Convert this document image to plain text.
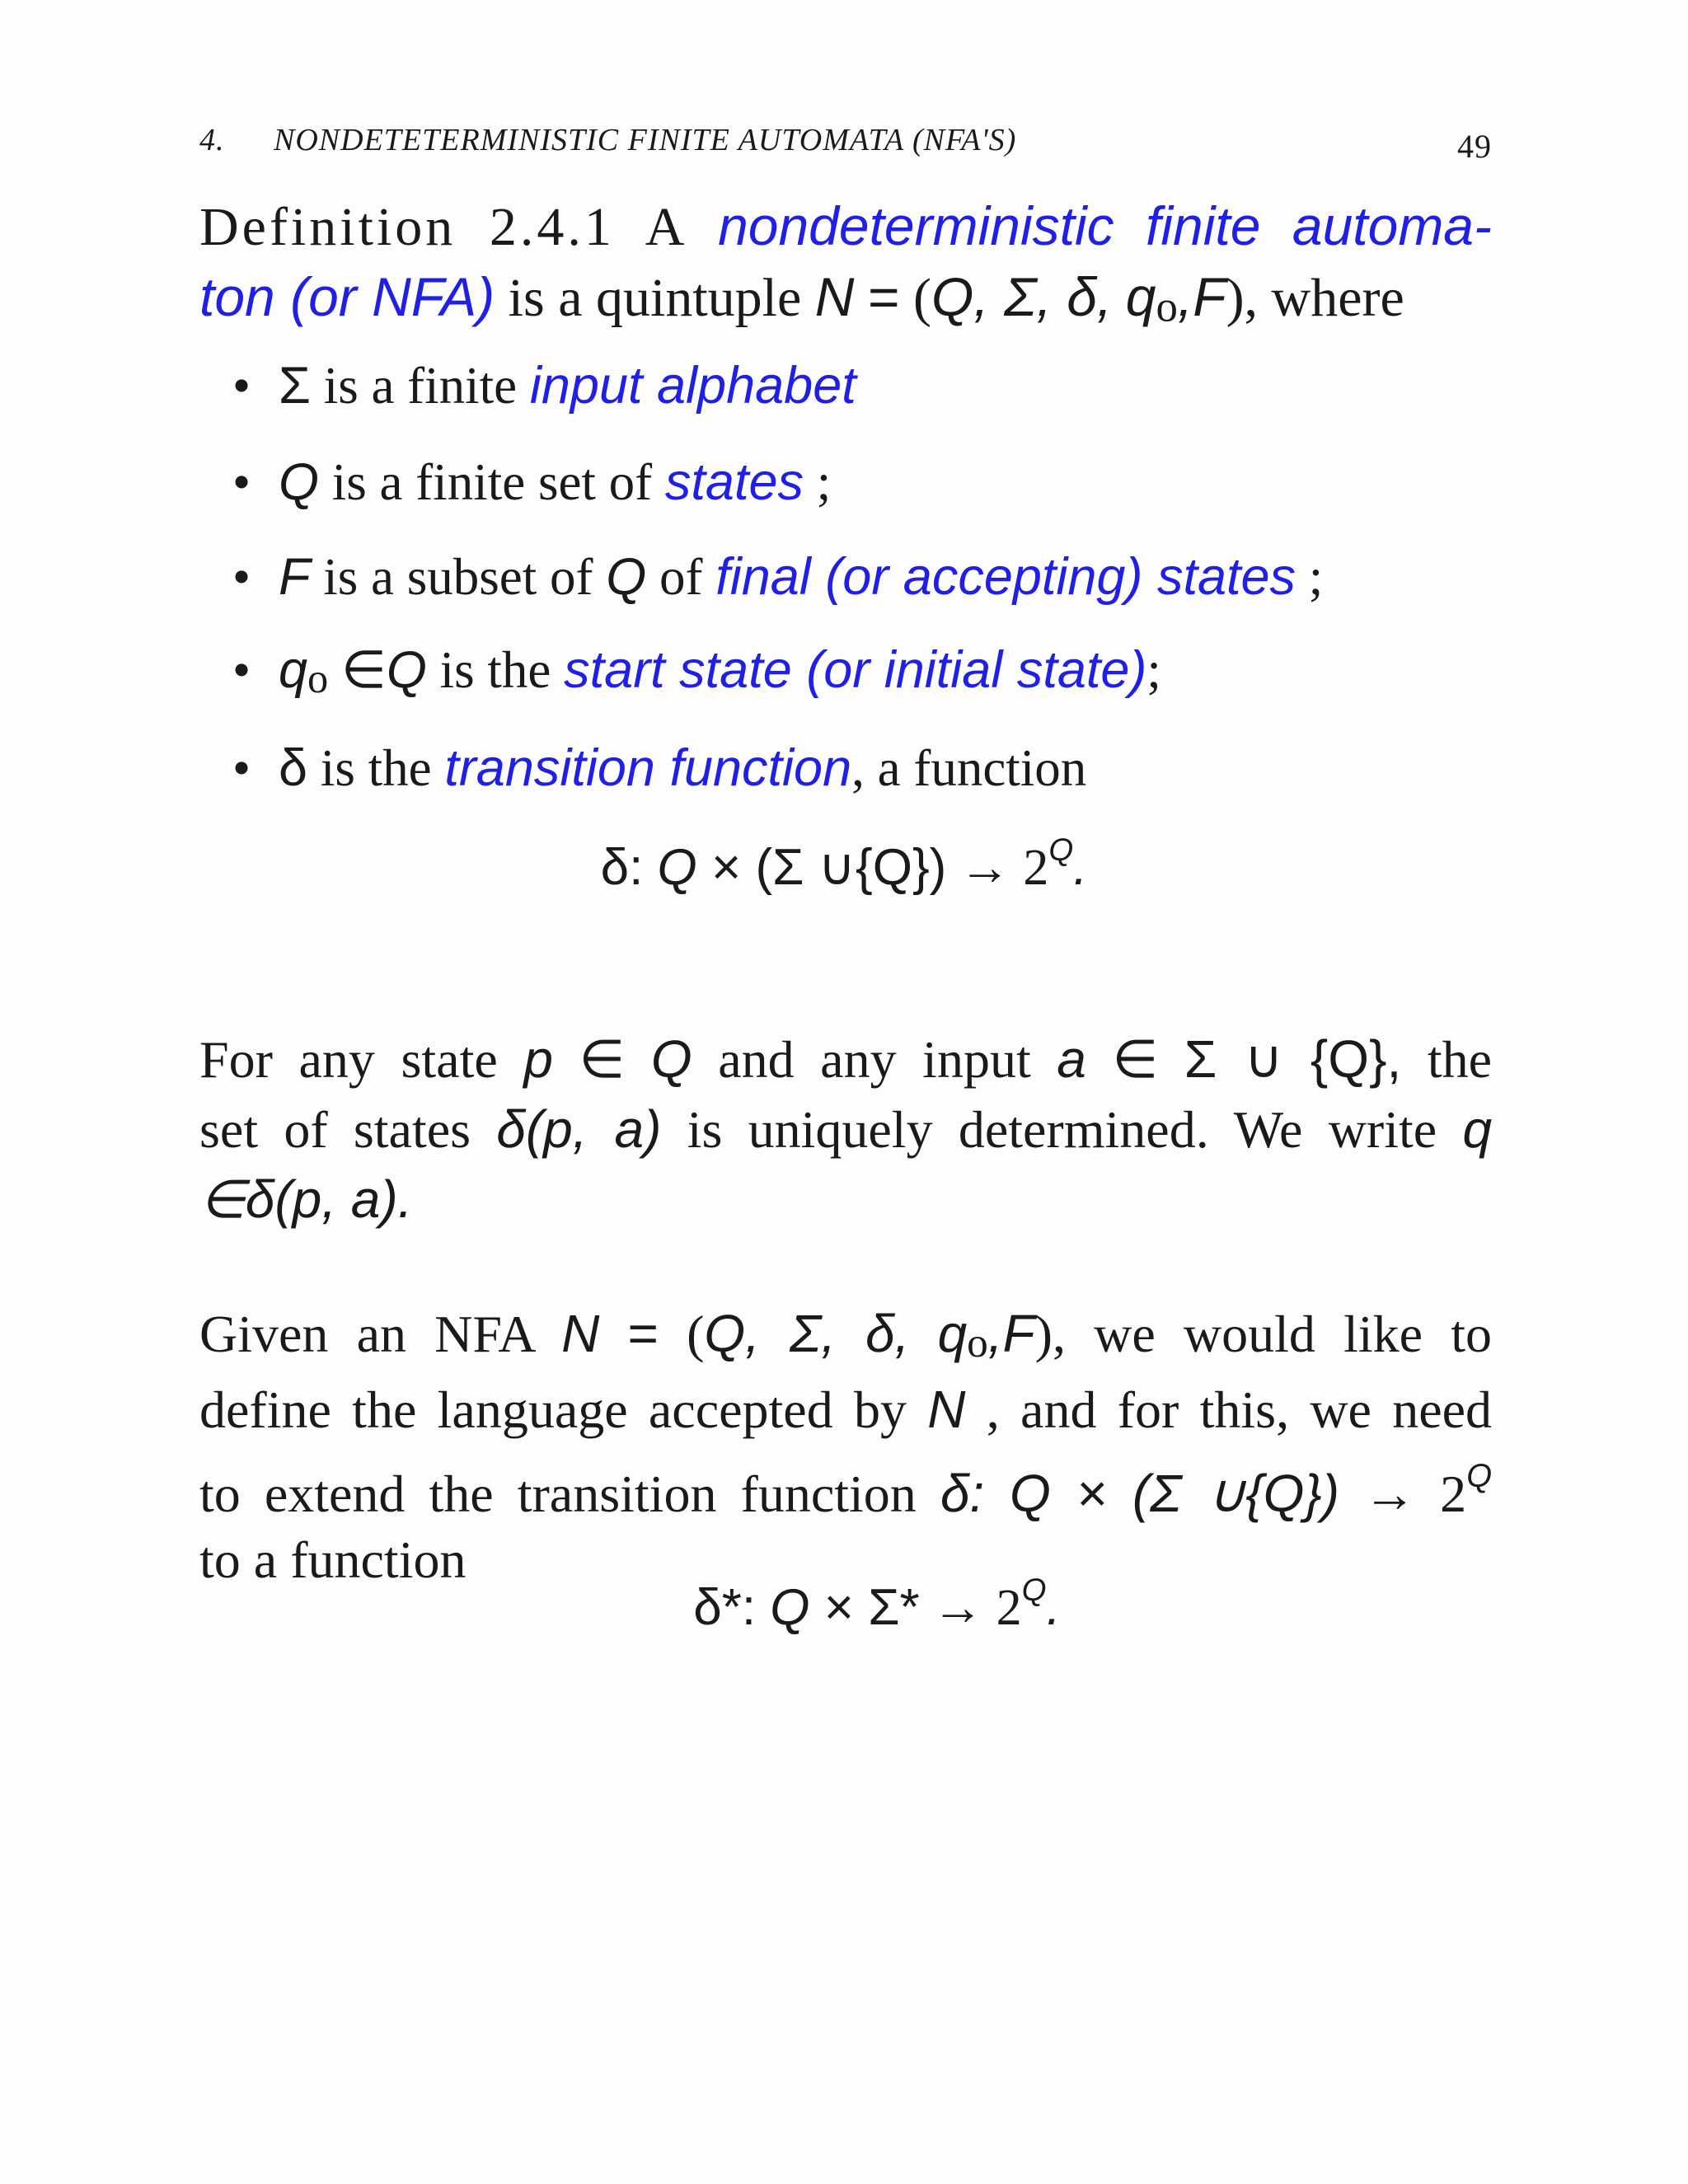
4. NONDETETERMINISTIC FINITE AUTOMATA (NFA'S)	49
Definition 2.4.1 A nondeterministic finite automa-
ton (or NFA) is a quintuple N = (Q, Σ, δ, qo,F), where
• Σ is a finite input alphabet
• Q is a finite set of states ;
• F is a subset of Q of final (or accepting) states ;
• qo ∈Q is the start state (or initial state);
• δ is the transition function, a function
δ: Q × (Σ ∪{Q}) → $2^Q$.
For any state p ∈ Q and any input a ∈ Σ ∪ {Q}, the
set of states δ(p, a) is uniquely determined. We write q
∈δ(p, a).
Given an NFA N = (Q, Σ, δ, qo,F), we would like to
define the language accepted by N , and for this, we need
to extend the transition function δ: Q × (Σ ∪{Q}) → $2^Q$
to a function
δ*: $Q \times \Sigma* \to 2^Q$.
